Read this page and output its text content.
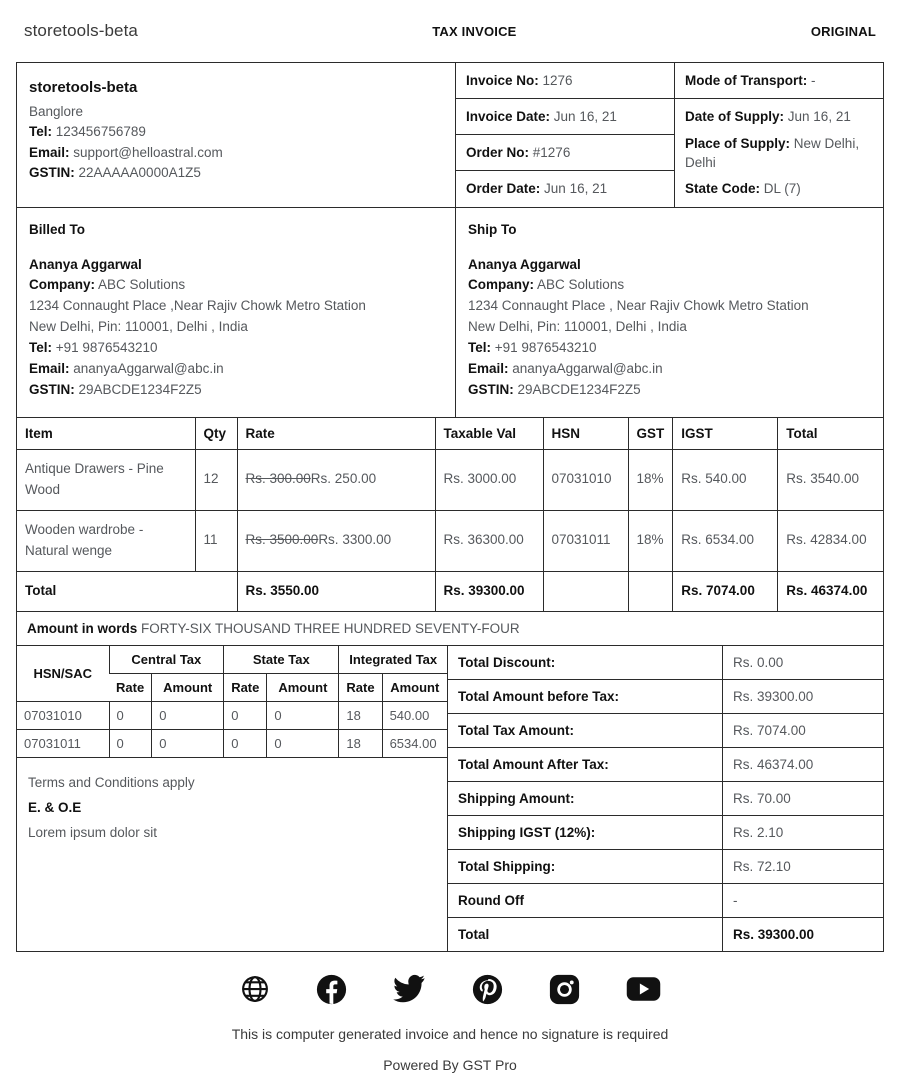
storetools-beta	TAX INVOICE	ORIGINAL
storetools-beta
Banglore
Tel: 123456756789
Email: support@helloastral.com
GSTIN: 22AAAAA0000A1Z5
Invoice No: 1276
Invoice Date: Jun 16, 21
Order No: #1276
Order Date: Jun 16, 21
Mode of Transport: -
Date of Supply: Jun 16, 21
Place of Supply: New Delhi, Delhi
State Code: DL (7)
Billed To
Ananya Aggarwal
Company: ABC Solutions
1234 Connaught Place ,Near Rajiv Chowk Metro Station
New Delhi, Pin: 110001, Delhi , India
Tel: +91 9876543210
Email: ananyaAggarwal@abc.in
GSTIN: 29ABCDE1234F2Z5
Ship To
Ananya Aggarwal
Company: ABC Solutions
1234 Connaught Place , Near Rajiv Chowk Metro Station
New Delhi, Pin: 110001, Delhi , India
Tel: +91 9876543210
Email: ananyaAggarwal@abc.in
GSTIN: 29ABCDE1234F2Z5
Item	Qty	Rate	Taxable Val	HSN	GST	IGST	Total
Antique Drawers - Pine Wood	12	Rs. 300.00Rs. 250.00	Rs. 3000.00	07031010	18%	Rs. 540.00	Rs. 3540.00
Wooden wardrobe - Natural wenge	11	Rs. 3500.00Rs. 3300.00	Rs. 36300.00	07031011	18%	Rs. 6534.00	Rs. 42834.00
Total		Rs. 3550.00	Rs. 39300.00			Rs. 7074.00	Rs. 46374.00
Amount in words FORTY-SIX THOUSAND THREE HUNDRED SEVENTY-FOUR
HSN/SAC	Central Tax		State Tax		Integrated Tax	
	Rate	Amount	Rate	Amount	Rate	Amount
07031010	0	0	0	0	18	540.00
07031011	0	0	0	0	18	6534.00
Terms and Conditions apply
E. & O.E
Lorem ipsum dolor sit
Total Discount:	Rs. 0.00
Total Amount before Tax:	Rs. 39300.00
Total Tax Amount:	Rs. 7074.00
Total Amount After Tax:	Rs. 46374.00
Shipping Amount:	Rs. 70.00
Shipping IGST (12%):	Rs. 2.10
Total Shipping:	Rs. 72.10
Round Off	-
Total	Rs. 39300.00
This is computer generated invoice and hence no signature is required
Powered By GST Pro
